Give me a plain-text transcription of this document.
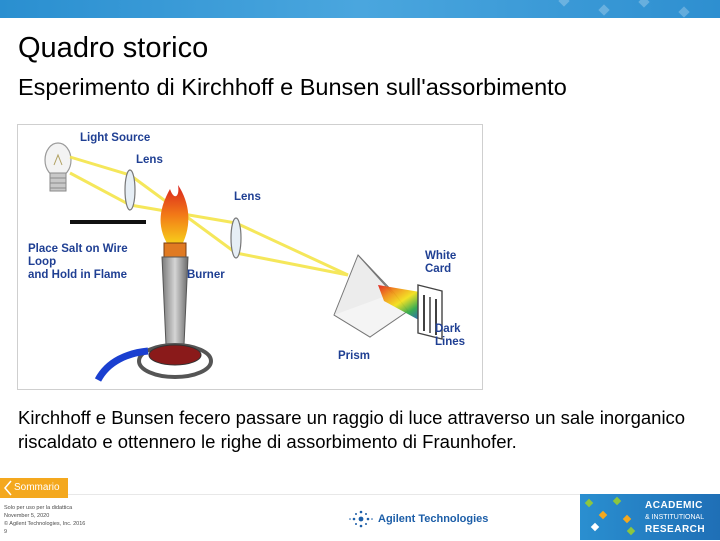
Quadro storico
Esperimento di Kirchhoff e Bunsen sull'assorbimento
Light Source
Lens
Lens
Place Salt on Wire
Loop
and Hold in Flame	Burner
White
Card
Dark
Lines
Prism
Kirchhoff e Bunsen fecero passare un raggio di luce attraverso un sale inorganico riscaldato e ottennero le righe di assorbimento di Fraunhofer.
Sommario
Solo per uso per la didattica
November 5, 2020
© Agilent Technologies, Inc. 2016
9
Agilent Technologies
ACADEMIC
& INSTITUTIONAL
RESEARCH
